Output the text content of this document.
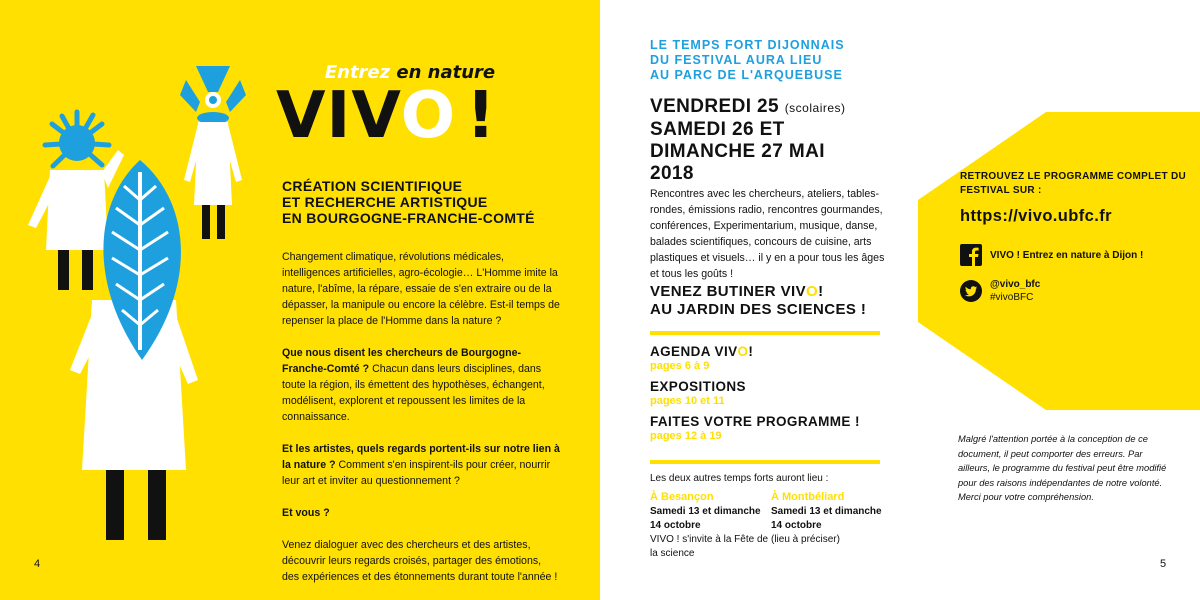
Entrez en nature
VIVO !
CRÉATION SCIENTIFIQUE
ET RECHERCHE ARTISTIQUE
EN BOURGOGNE-FRANCHE-COMTÉ

Changement climatique, révolutions médicales, intelligences artificielles, agro-écologie… L'Homme imite la nature, l'abîme, la répare, essaie de s'en extraire ou de la dépasser, la manipule ou encore la célèbre. Est-il temps de repenser la place de l'Homme dans la nature ?

Que nous disent les chercheurs de Bourgogne-Franche-Comté ? Chacun dans leurs disciplines, dans toute la région, ils émettent des hypothèses, échangent, modélisent, explorent et repoussent les limites de la connaissance.

Et les artistes, quels regards portent-ils sur notre lien à la nature ? Comment s'en inspirent-ils pour créer, nourrir leur art et inviter au questionnement ?

Et vous ?

Venez dialoguer avec des chercheurs et des artistes, découvrir leurs regards croisés, partager des émotions, des expériences et des étonnements durant toute l'année !

4
LE TEMPS FORT DIJONNAIS
DU FESTIVAL AURA LIEU
AU PARC DE L'ARQUEBUSE
VENDREDI 25 (scolaires)
SAMEDI 26 ET
DIMANCHE 27 MAI
2018
Rencontres avec les chercheurs, ateliers, tables-rondes, émissions radio, rencontres gourmandes, conférences, Experimentarium, musique, danse, balades scientifiques, concours de cuisine, arts plastiques et visuels… il y en a pour tous les âges et tous les goûts !
VENEZ BUTINER VIVO!
AU JARDIN DES SCIENCES !
AGENDA VIVO!
pages 6 à 9
EXPOSITIONS
pages 10 et 11
FAITES VOTRE PROGRAMME !
pages 12 à 19
Les deux autres temps forts auront lieu :
À Besançon
Samedi 13 et dimanche 14 octobre
VIVO ! s'invite à la Fête de la science
À Montbéliard
Samedi 13 et dimanche 14 octobre
(lieu à préciser)
RETROUVEZ LE PROGRAMME COMPLET DU FESTIVAL SUR :
https://vivo.ubfc.fr
VIVO ! Entrez en nature à Dijon !
@vivo_bfc
#vivoBFC
Malgré l'attention portée à la conception de ce document, il peut comporter des erreurs. Par ailleurs, le programme du festival peut être modifié pour des raisons indépendantes de notre volonté. Merci pour votre compréhension.
5
